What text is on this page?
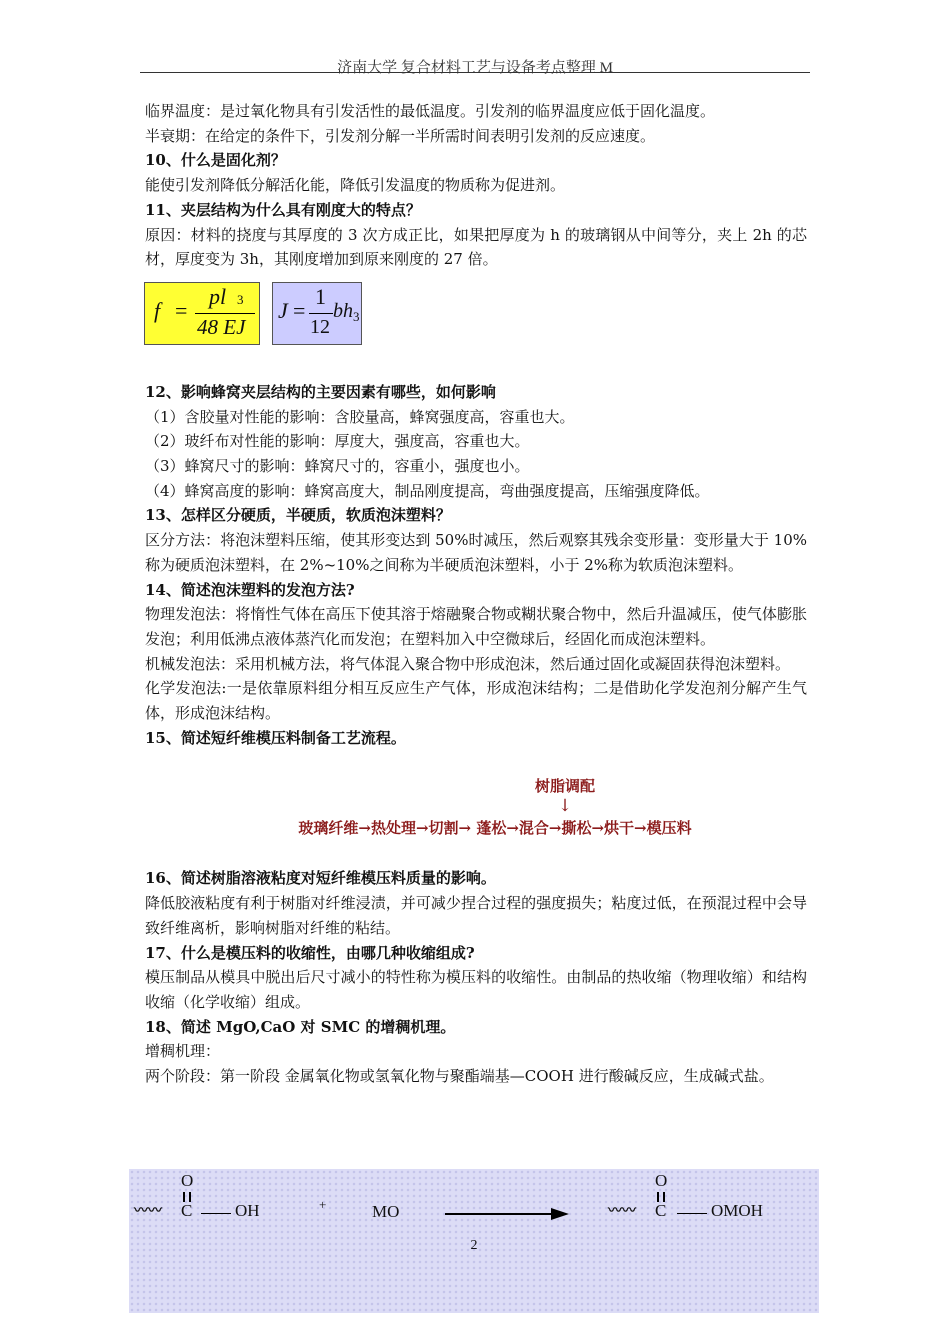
济南大学 复合材料工艺与设备考点整理 M

临界温度：是过氧化物具有引发活性的最低温度。引发剂的临界温度应低于固化温度。

半衰期：在给定的条件下，引发剂分解一半所需时间表明引发剂的反应速度。

10、什么是固化剂？

能使引发剂降低分解活化能，降低引发温度的物质称为促进剂。

11、夹层结构为什么具有刚度大的特点？

原因：材料的挠度与其厚度的 3 次方成正比，如果把厚度为 h 的玻璃钢从中间等分，夹上 2h 的芯材，厚度变为 3h，其刚度增加到原来刚度的 27 倍。

f =
pl 3
48 EJ
J =
1
12
bh 3

12、影响蜂窝夹层结构的主要因素有哪些，如何影响

（1）含胶量对性能的影响：含胶量高，蜂窝强度高，容重也大。

（2）玻纤布对性能的影响：厚度大，强度高，容重也大。

（3）蜂窝尺寸的影响：蜂窝尺寸的，容重小，强度也小。

（4）蜂窝高度的影响：蜂窝高度大，制品刚度提高，弯曲强度提高，压缩强度降低。

13、怎样区分硬质，半硬质，软质泡沫塑料？

区分方法：将泡沫塑料压缩，使其形变达到 50%时减压，然后观察其残余变形量：变形量大于 10%称为硬质泡沫塑料，在 2%~10%之间称为半硬质泡沫塑料，小于 2%称为软质泡沫塑料。

14、简述泡沫塑料的发泡方法?

物理发泡法：将惰性气体在高压下使其溶于熔融聚合物或糊状聚合物中，然后升温减压，使气体膨胀发泡；利用低沸点液体蒸汽化而发泡；在塑料加入中空微球后，经固化而成泡沫塑料。

机械发泡法：采用机械方法，将气体混入聚合物中形成泡沫，然后通过固化或凝固获得泡沫塑料。

化学发泡法:一是依靠原料组分相互反应生产气体，形成泡沫结构；二是借助化学发泡剂分解产生气体，形成泡沫结构。

15、简述短纤维模压料制备工艺流程。

树脂调配
↓
玻璃纤维→热处理→切割→ 蓬松→混合→撕松→烘干→模压料

16、简述树脂溶液粘度对短纤维模压料质量的影响。

降低胶液粘度有利于树脂对纤维浸渍，并可减少捏合过程的强度损失；粘度过低，在预混过程中会导致纤维离析，影响树脂对纤维的粘结。

17、什么是模压料的收缩性，由哪几种收缩组成?

模压制品从模具中脱出后尺寸减小的特性称为模压料的收缩性。由制品的热收缩（物理收缩）和结构收缩（化学收缩）组成。

18、简述 MgO,CaO 对 SMC 的增稠机理。

增稠机理：

两个阶段：第一阶段 金属氧化物或氢氧化物与聚酯端基—COOH 进行酸碱反应，生成碱式盐。

O
〰〰 C	OH	+	MO
O
〰〰 C	OMOH
2
